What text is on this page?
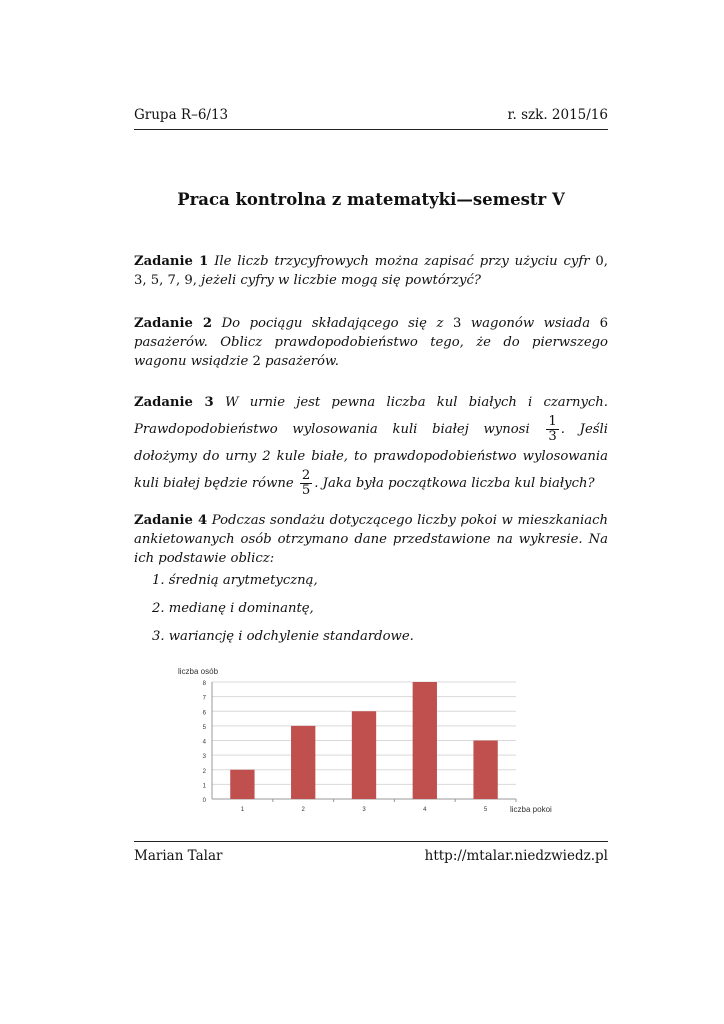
Grupa R–6/13	r. szk. 2015/16
Praca kontrolna z matematyki—semestr V
Zadanie 1 Ile liczb trzycyfrowych można zapisać przy użyciu cyfr 0, 3, 5, 7, 9, jeżeli cyfry w liczbie mogą się powtórzyć?
Zadanie 2 Do pociągu składającego się z 3 wagonów wsiada 6 pasażerów. Oblicz prawdopodobieństwo tego, że do pierwszego wagonu wsiądzie 2 pasażerów.
Zadanie 3 W urnie jest pewna liczba kul białych i czarnych. Prawdopodobieństwo wylosowania kuli białej wynosi $\frac{1}{3}$ . Jeśli dołożymy do urny 2 kule białe, to prawdopodobieństwo wylosowania kuli białej będzie równe $\frac{2}{5}$ . Jaka była początkowa liczba kul białych?
Zadanie 4 Podczas sondażu dotyczącego liczby pokoi w mieszkaniach ankietowanych osób otrzymano dane przedstawione na wykresie. Na ich podstawie oblicz:
1. średnią arytmetyczną,
2. medianę i dominantę,
3. wariancję i odchylenie standardowe.
liczba osób
liczba pokoi
0
1
2
3
4
5
6
7
8
1	2	3	4	5
Marian Talar	http://mtalar.niedzwiedz.pl
